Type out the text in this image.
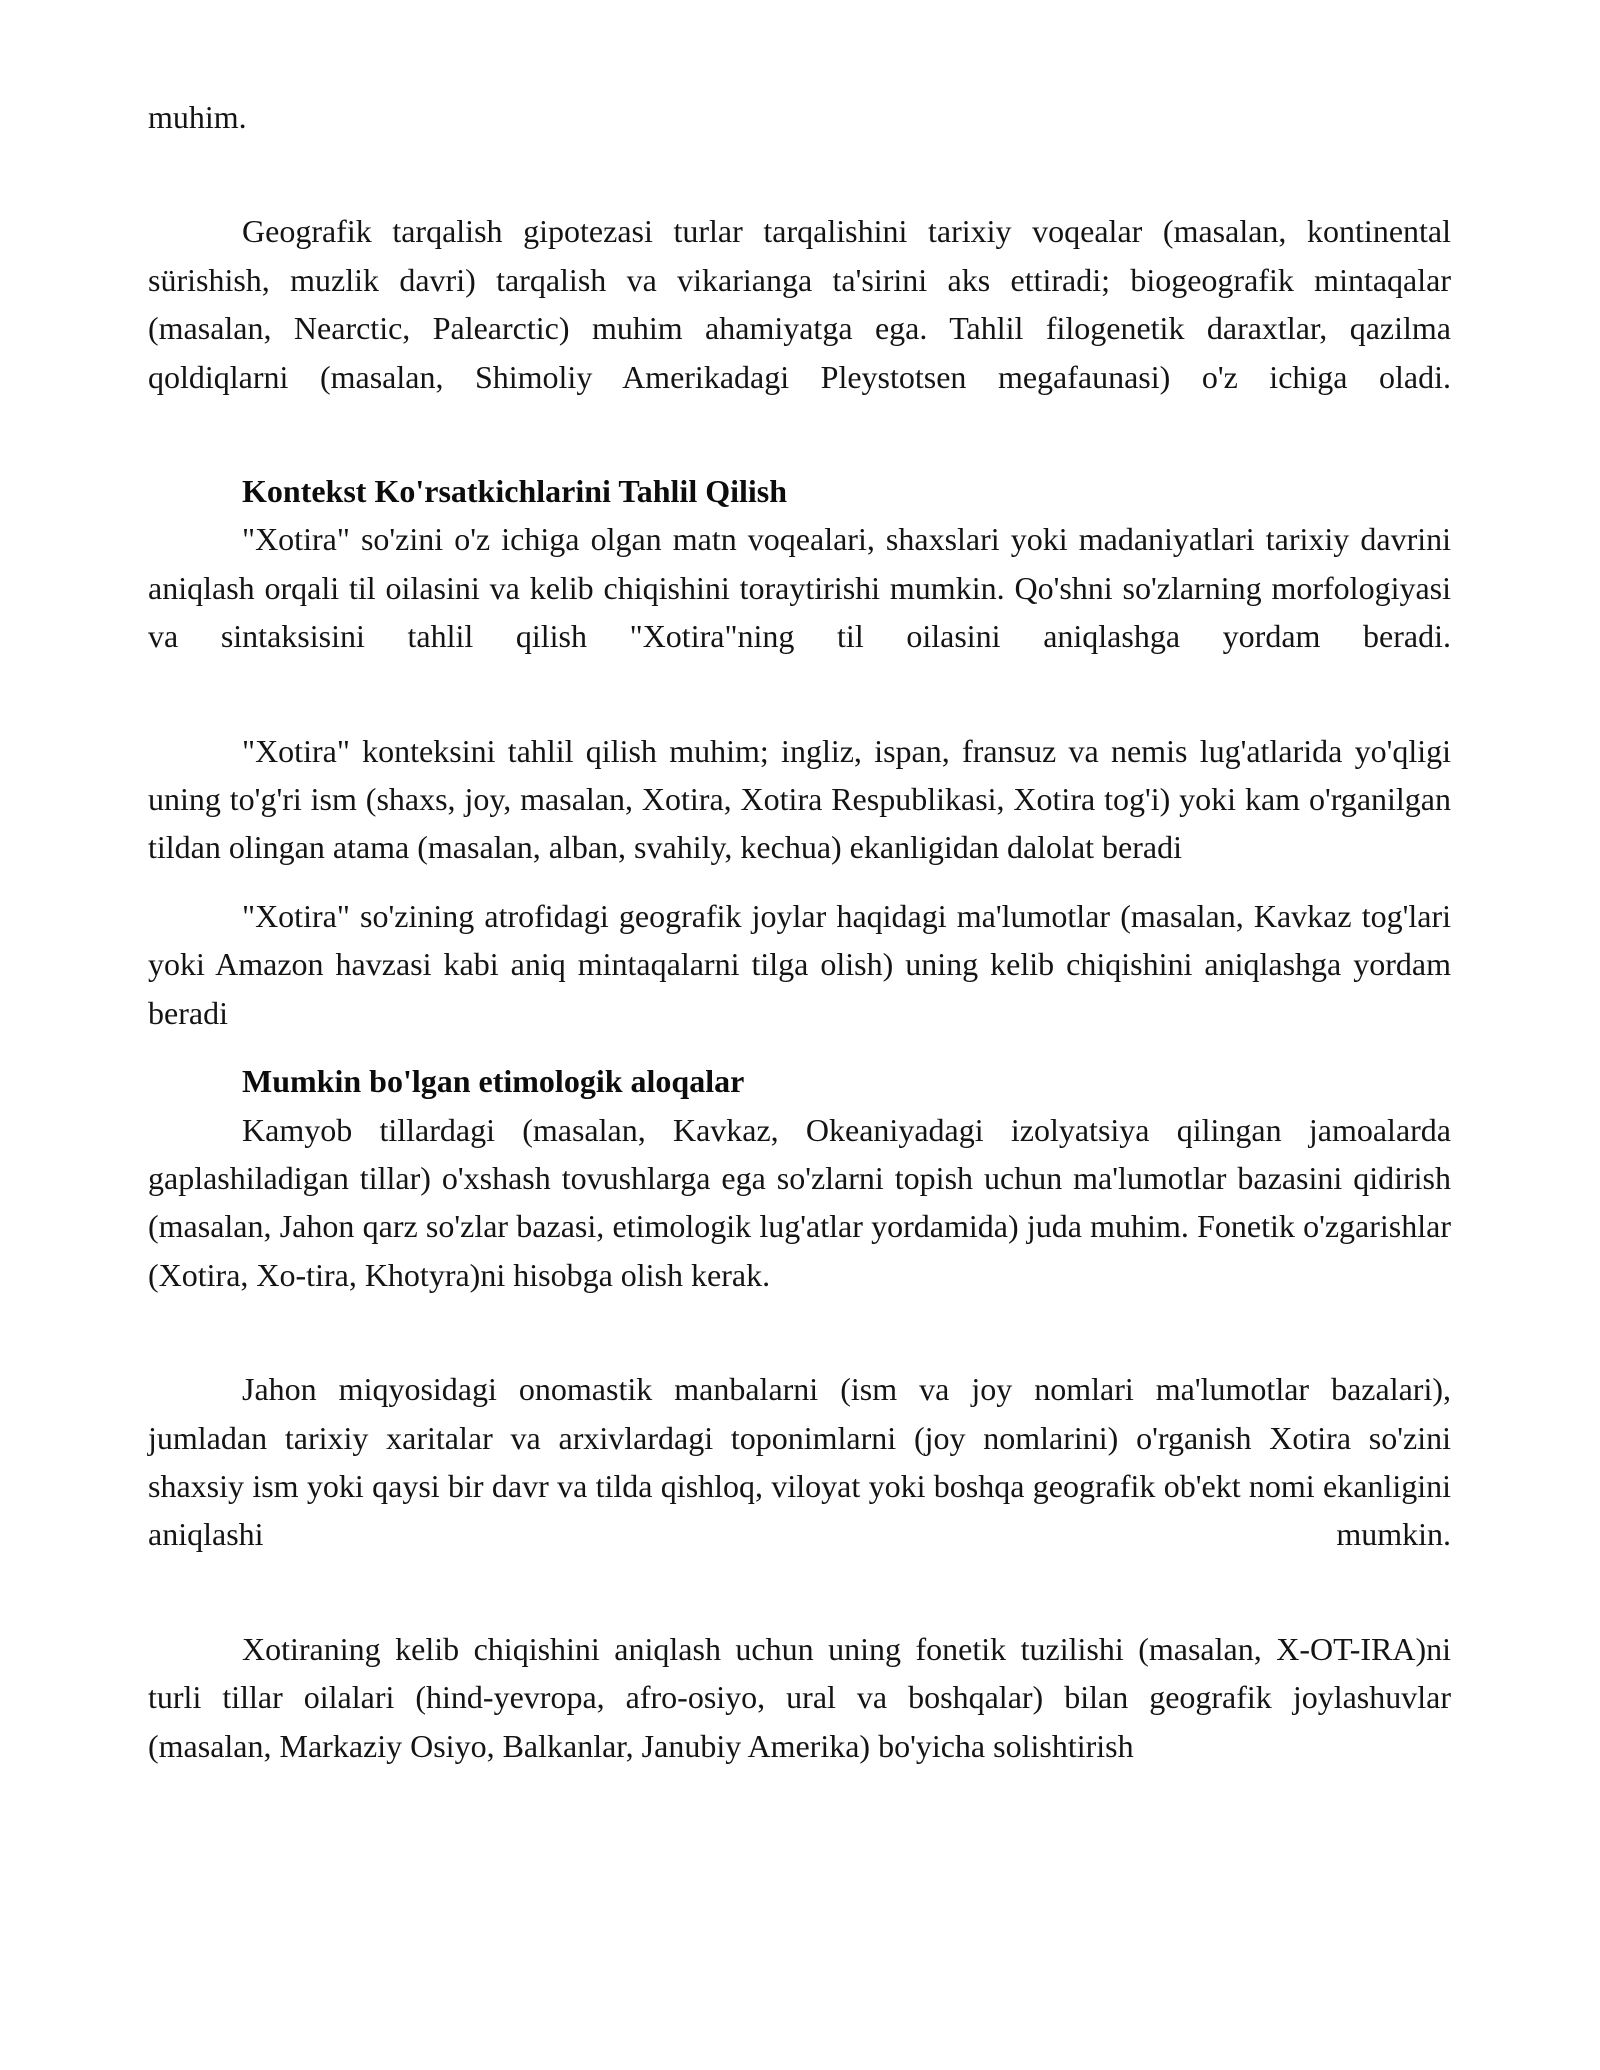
muhim.

Geografik tarqalish gipotezasi turlar tarqalishini tarixiy voqealar (masalan, kontinental sürishish, muzlik davri) tarqalish va vikarianga ta'sirini aks ettiradi; biogeografik mintaqalar (masalan, Nearctic, Palearctic) muhim ahamiyatga ega. Tahlil filogenetik daraxtlar, qazilma qoldiqlarni (masalan, Shimoliy Amerikadagi Pleystotsen megafaunasi) o'z ichiga oladi.

Kontekst Ko'rsatkichlarini Tahlil Qilish

"Xotira" so'zini o'z ichiga olgan matn voqealari, shaxslari yoki madaniyatlari tarixiy davrini aniqlash orqali til oilasini va kelib chiqishini toraytirishi mumkin. Qo'shni so'zlarning morfologiyasi va sintaksisini tahlil qilish "Xotira"ning til oilasini aniqlashga yordam beradi.

"Xotira" konteksini tahlil qilish muhim; ingliz, ispan, fransuz va nemis lug'atlarida yo'qligi uning to'g'ri ism (shaxs, joy, masalan, Xotira, Xotira Respublikasi, Xotira tog'i) yoki kam o'rganilgan tildan olingan atama (masalan, alban, svahily, kechua) ekanligidan dalolat beradi

"Xotira" so'zining atrofidagi geografik joylar haqidagi ma'lumotlar (masalan, Kavkaz tog'lari yoki Amazon havzasi kabi aniq mintaqalarni tilga olish) uning kelib chiqishini aniqlashga yordam beradi

Mumkin bo'lgan etimologik aloqalar

Kamyob tillardagi (masalan, Kavkaz, Okeaniyadagi izolyatsiya qilingan jamoalarda gaplashiladigan tillar) o'xshash tovushlarga ega so'zlarni topish uchun ma'lumotlar bazasini qidirish (masalan, Jahon qarz so'zlar bazasi, etimologik lug'atlar yordamida) juda muhim. Fonetik o'zgarishlar (Xotira, Xo-tira, Khotyra)ni hisobga olish kerak.

Jahon miqyosidagi onomastik manbalarni (ism va joy nomlari ma'lumotlar bazalari), jumladan tarixiy xaritalar va arxivlardagi toponimlarni (joy nomlarini) o'rganish Xotira so'zini shaxsiy ism yoki qaysi bir davr va tilda qishloq, viloyat yoki boshqa geografik ob'ekt nomi ekanligini aniqlashi mumkin.

Xotiraning kelib chiqishini aniqlash uchun uning fonetik tuzilishi (masalan, X-OT-IRA)ni turli tillar oilalari (hind-yevropa, afro-osiyo, ural va boshqalar) bilan geografik joylashuvlar (masalan, Markaziy Osiyo, Balkanlar, Janubiy Amerika) bo'yicha solishtirish
